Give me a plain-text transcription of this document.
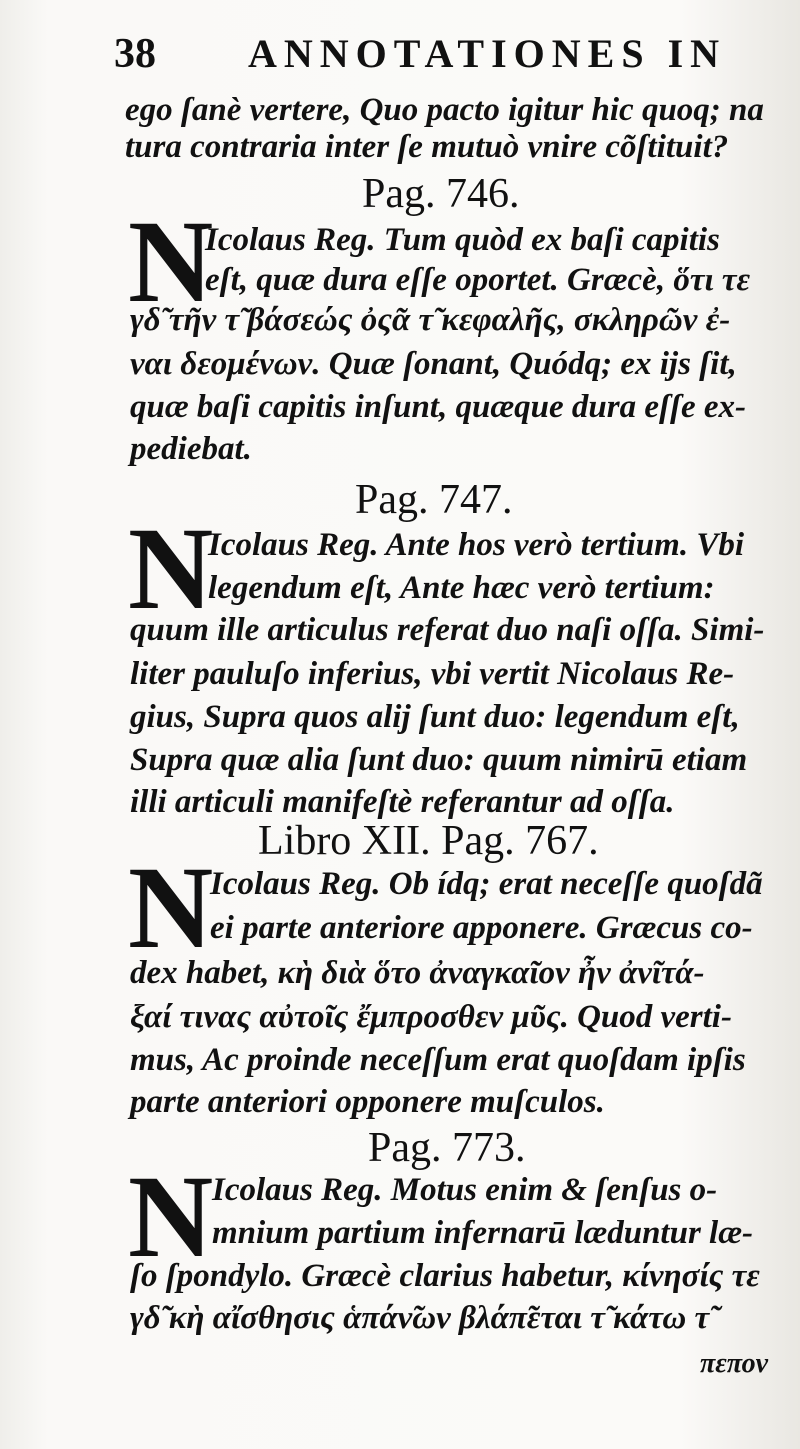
38 ANNOTATIONES IN
ego ſanè vertere, Quo pacto igitur hic quoq; na
tura contraria inter ſe mutuò vnire cõſtituit?
Pag. 746.
N
Icolaus Reg. Tum quòd ex baſi capitis
eſt, quæ dura eſſe oportet. Græcè, ὅτι τε
γδ̃ τῆν τ̃ βάσεώς ὀςᾶ τ̃ κεφαλῆς, σκληρῶν ἐ-
ναι δεομένων. Quæ ſonant, Quódq; ex ijs ſit,
quæ baſi capitis inſunt, quæque dura eſſe ex-
pediebat.
Pag. 747.
N
Icolaus Reg. Ante hos verò tertium. Vbi
legendum eſt, Ante hæc verò tertium:
quum ille articulus referat duo naſi oſſa. Simi-
liter pauluſo inferius, vbi vertit Nicolaus Re-
gius, Supra quos alij ſunt duo: legendum eſt,
Supra quæ alia ſunt duo: quum nimirū etiam
illi articuli manifeſtè referantur ad oſſa.
Libro XII. Pag. 767.
N
Icolaus Reg. Ob ídq; erat neceſſe quoſdã
ei parte anteriore apponere. Græcus co-
dex habet, κὴ διὰ ὅτο ἀναγκαῖον ἦν ἀν̃ιτά-
ξαί τινας αὐτοῖς ἔμπροσθεν μῦς. Quod verti-
mus, Ac proinde neceſſum erat quoſdam ipſis
parte anteriori opponere muſculos.
Pag. 773.
N
Icolaus Reg. Motus enim & ſenſus o-
mnium partium infernarū læduntur læ-
ſo ſpondylo. Græcè clarius habetur, κίνησίς τε
γδ̃ κὴ αἴσθησις ἁπάν̃ων βλάπ̃εται τ̃ κάτω τ̃
πεπον
